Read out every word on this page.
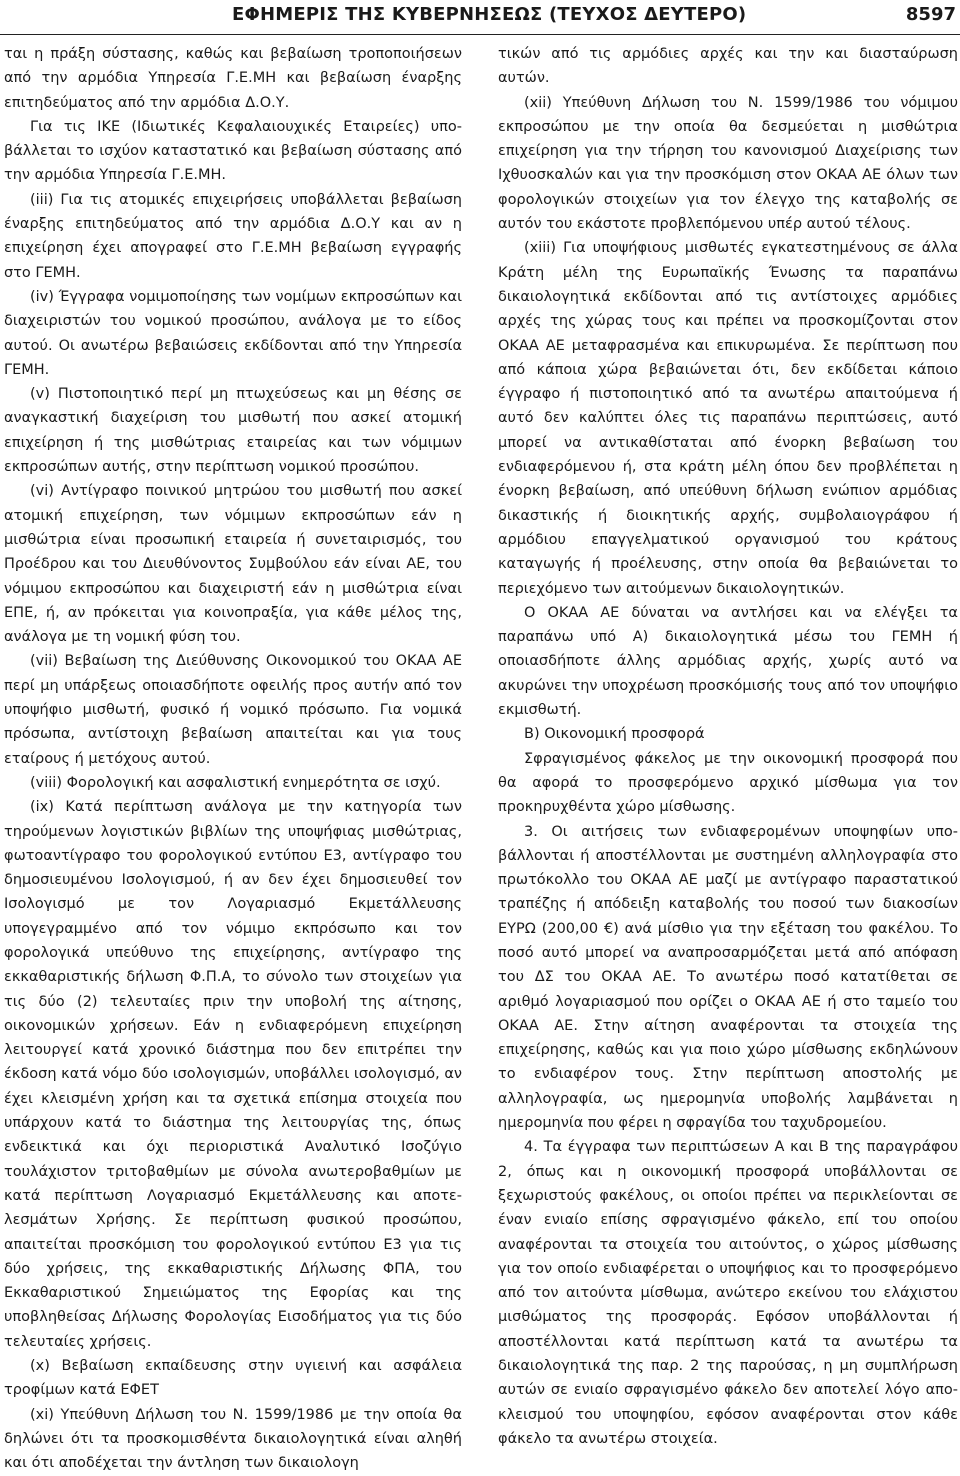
ΕΦΗΜΕΡΙΣ ΤΗΣ ΚΥΒΕΡΝΗΣΕΩΣ (ΤΕΥΧΟΣ ΔΕΥΤΕΡΟ)	8597

ται η πράξη σύστασης, καθώς και βεβαίωση τροποποιήσεων από την αρμόδια Υπηρεσία Γ.Ε.ΜΗ και βεβαίωση έναρξης επιτηδεύματος από την αρμόδια Δ.Ο.Υ.

Για τις ΙΚΕ (Ιδιωτικές Κεφαλαιουχικές Εταιρείες) υποβάλλεται το ισχύον καταστατικό και βεβαίωση σύστασης από την αρμόδια Υπηρεσία Γ.Ε.ΜΗ.

(iii) Για τις ατομικές επιχειρήσεις υποβάλλεται βεβαίωση έναρξης επιτηδεύματος από την αρμόδια Δ.Ο.Υ και αν η επιχείρηση έχει απογραφεί στο Γ.Ε.ΜΗ βεβαίωση εγγραφής στο ΓΕΜΗ.

(iv) Έγγραφα νομιμοποίησης των νομίμων εκπροσώπων και διαχειριστών του νομικού προσώπου, ανάλογα με το είδος αυτού. Οι ανωτέρω βεβαιώσεις εκδίδονται από την Υπηρεσία ΓΕΜΗ.

(v) Πιστοποιητικό περί μη πτωχεύσεως και μη θέσης σε αναγκαστική διαχείριση του μισθωτή που ασκεί ατομική επιχείρηση ή της μισθώτριας εταιρείας και των νόμιμων εκπροσώπων αυτής, στην περίπτωση νομικού προσώπου.

(vi) Αντίγραφο ποινικού μητρώου του μισθωτή που ασκεί ατομική επιχείρηση, των νόμιμων εκπροσώπων εάν η μισθώτρια είναι προσωπική εταιρεία ή συνεταιρισμός, του Προέδρου και του Διευθύνοντος Συμβούλου εάν είναι ΑΕ, του νόμιμου εκπροσώπου και διαχειριστή εάν η μισθώτρια είναι ΕΠΕ, ή, αν πρόκειται για κοινοπραξία, για κάθε μέλος της, ανάλογα με τη νομική φύση του.

(vii) Βεβαίωση της Διεύθυνσης Οικονομικού του ΟΚΑΑ ΑΕ περί μη υπάρξεως οποιασδήποτε οφειλής προς αυτήν από τον υποψήφιο μισθωτή, φυσικό ή νομικό πρόσωπο. Για νομικά πρόσωπα, αντίστοιχη βεβαίωση απαιτείται και για τους εταίρους ή μετόχους αυτού.

(viii) Φορολογική και ασφαλιστική ενημερότητα σε ισχύ.

(ix) Κατά περίπτωση ανάλογα με την κατηγορία των τηρούμενων λογιστικών βιβλίων της υποψήφιας μισθώτριας, φωτοαντίγραφο του φορολογικού εντύπου Ε3, αντίγραφο του δημοσιευμένου Ισολογισμού, ή αν δεν έχει δημοσιευθεί τον Ισολογισμό με τον Λογαριασμό Εκμετάλλευσης υπογεγραμμένο από τον νόμιμο εκπρόσωπο και τον φορολογικά υπεύθυνο της επιχείρησης, αντίγραφο της εκκαθαριστικής δήλωση Φ.Π.Α, το σύνολο των στοιχείων για τις δύο (2) τελευταίες πριν την υποβολή της αίτησης, οικονομικών χρήσεων. Εάν η ενδιαφερόμενη επιχείρηση λειτουργεί κατά χρονικό διάστημα που δεν επιτρέπει την έκδοση κατά νόμο δύο ισολογισμών, υποβάλλει ισολογισμό, αν έχει κλεισμένη χρήση και τα σχετικά επίσημα στοιχεία που υπάρχουν κατά το διάστημα της λειτουργίας της, όπως ενδεικτικά και όχι περιοριστικά Αναλυτικό Ισοζύγιο τουλάχιστον τριτοβαθμίων με σύνολα ανωτεροβαθμίων με κατά περίπτωση Λογαριασμό Εκμετάλλευσης και αποτελεσμάτων Χρήσης. Σε περίπτωση φυσικού προσώπου, απαιτείται προσκόμιση του φορολογικού εντύπου Ε3 για τις δύο χρήσεις, της εκκαθαριστικής Δήλωσης ΦΠΑ, του Εκκαθαριστικού Σημειώματος της Εφορίας και της υποβληθείσας Δήλωσης Φορολογίας Εισοδήματος για τις δύο τελευταίες χρήσεις.

(x) Βεβαίωση εκπαίδευσης στην υγιεινή και ασφάλεια τροφίμων κατά ΕΦΕΤ

(xi) Υπεύθυνη Δήλωση του Ν. 1599/1986 με την οποία θα δηλώνει ότι τα προσκομισθέντα δικαιολογητικά είναι αληθή και ότι αποδέχεται την άντληση των δικαιολογη

τικών από τις αρμόδιες αρχές και την και διασταύρωση αυτών.

(xii) Υπεύθυνη Δήλωση του Ν. 1599/1986 του νόμιμου εκπροσώπου με την οποία θα δεσμεύεται η μισθώτρια επιχείρηση για την τήρηση του κανονισμού Διαχείρισης των Ιχθυοσκαλών και για την προσκόμιση στον ΟΚΑΑ ΑΕ όλων των φορολογικών στοιχείων για τον έλεγχο της καταβολής σε αυτόν του εκάστοτε προβλεπόμενου υπέρ αυτού τέλους.

(xiii) Για υποψήφιους μισθωτές εγκατεστημένους σε άλλα Κράτη μέλη της Ευρωπαϊκής Ένωσης τα παραπάνω δικαιολογητικά εκδίδονται από τις αντίστοιχες αρμόδιες αρχές της χώρας τους και πρέπει να προσκομίζονται στον ΟΚΑΑ ΑΕ μεταφρασμένα και επικυρωμένα. Σε περίπτωση που από κάποια χώρα βεβαιώνεται ότι, δεν εκδίδεται κάποιο έγγραφο ή πιστοποιητικό από τα ανωτέρω απαιτούμενα ή αυτό δεν καλύπτει όλες τις παραπάνω περιπτώσεις, αυτό μπορεί να αντικαθίσταται από ένορκη βεβαίωση του ενδιαφερόμενου ή, στα κράτη μέλη όπου δεν προβλέπεται η ένορκη βεβαίωση, από υπεύθυνη δήλωση ενώπιον αρμόδιας δικαστικής ή διοικητικής αρχής, συμβολαιογράφου ή αρμόδιου επαγγελματικού οργανισμού του κράτους καταγωγής ή προέλευσης, στην οποία θα βεβαιώνεται το περιεχόμενο των αιτούμενων δικαιολογητικών.

Ο ΟΚΑΑ ΑΕ δύναται να αντλήσει και να ελέγξει τα παραπάνω υπό Α) δικαιολογητικά μέσω του ΓΕΜΗ ή οποιασδήποτε άλλης αρμόδιας αρχής, χωρίς αυτό να ακυρώνει την υποχρέωση προσκόμισής τους από τον υποψήφιο εκμισθωτή.

Β) Οικονομική προσφορά

Σφραγισμένος φάκελος με την οικονομική προσφορά που θα αφορά το προσφερόμενο αρχικό μίσθωμα για τον προκηρυχθέντα χώρο μίσθωσης.

3. Οι αιτήσεις των ενδιαφερομένων υποψηφίων υποβάλλονται ή αποστέλλονται με συστημένη αλληλογραφία στο πρωτόκολλο του ΟΚΑΑ ΑΕ μαζί με αντίγραφο παραστατικού τραπέζης ή απόδειξη καταβολής του ποσού των διακοσίων ΕΥΡΩ (200,00 €) ανά μίσθιο για την εξέταση του φακέλου. Το ποσό αυτό μπορεί να αναπροσαρμόζεται μετά από απόφαση του ΔΣ του ΟΚΑΑ ΑΕ. Το ανωτέρω ποσό κατατίθεται σε αριθμό λογαριασμού που ορίζει ο ΟΚΑΑ ΑΕ ή στο ταμείο του ΟΚΑΑ ΑΕ. Στην αίτηση αναφέρονται τα στοιχεία της επιχείρησης, καθώς και για ποιο χώρο μίσθωσης εκδηλώνουν το ενδιαφέρον τους. Στην περίπτωση αποστολής με αλληλογραφία, ως ημερομηνία υποβολής λαμβάνεται η ημερομηνία που φέρει η σφραγίδα του ταχυδρομείου.

4. Τα έγγραφα των περιπτώσεων Α και Β της παραγράφου 2, όπως και η οικονομική προσφορά υποβάλλονται σε ξεχωριστούς φακέλους, οι οποίοι πρέπει να περικλείονται σε έναν ενιαίο επίσης σφραγισμένο φάκελο, επί του οποίου αναφέρονται τα στοιχεία του αιτούντος, ο χώρος μίσθωσης για τον οποίο ενδιαφέρεται ο υποψήφιος και το προσφερόμενο από τον αιτούντα μίσθωμα, ανώτερο εκείνου του ελάχιστου μισθώματος της προσφοράς. Εφόσον υποβάλλονται ή αποστέλλονται κατά περίπτωση κατά τα ανωτέρω τα δικαιολογητικά της παρ. 2 της παρούσας, η μη συμπλήρωση αυτών σε ενιαίο σφραγισμένο φάκελο δεν αποτελεί λόγο αποκλεισμού του υποψηφίου, εφόσον αναφέρονται στον κάθε φάκελο τα ανωτέρω στοιχεία.
